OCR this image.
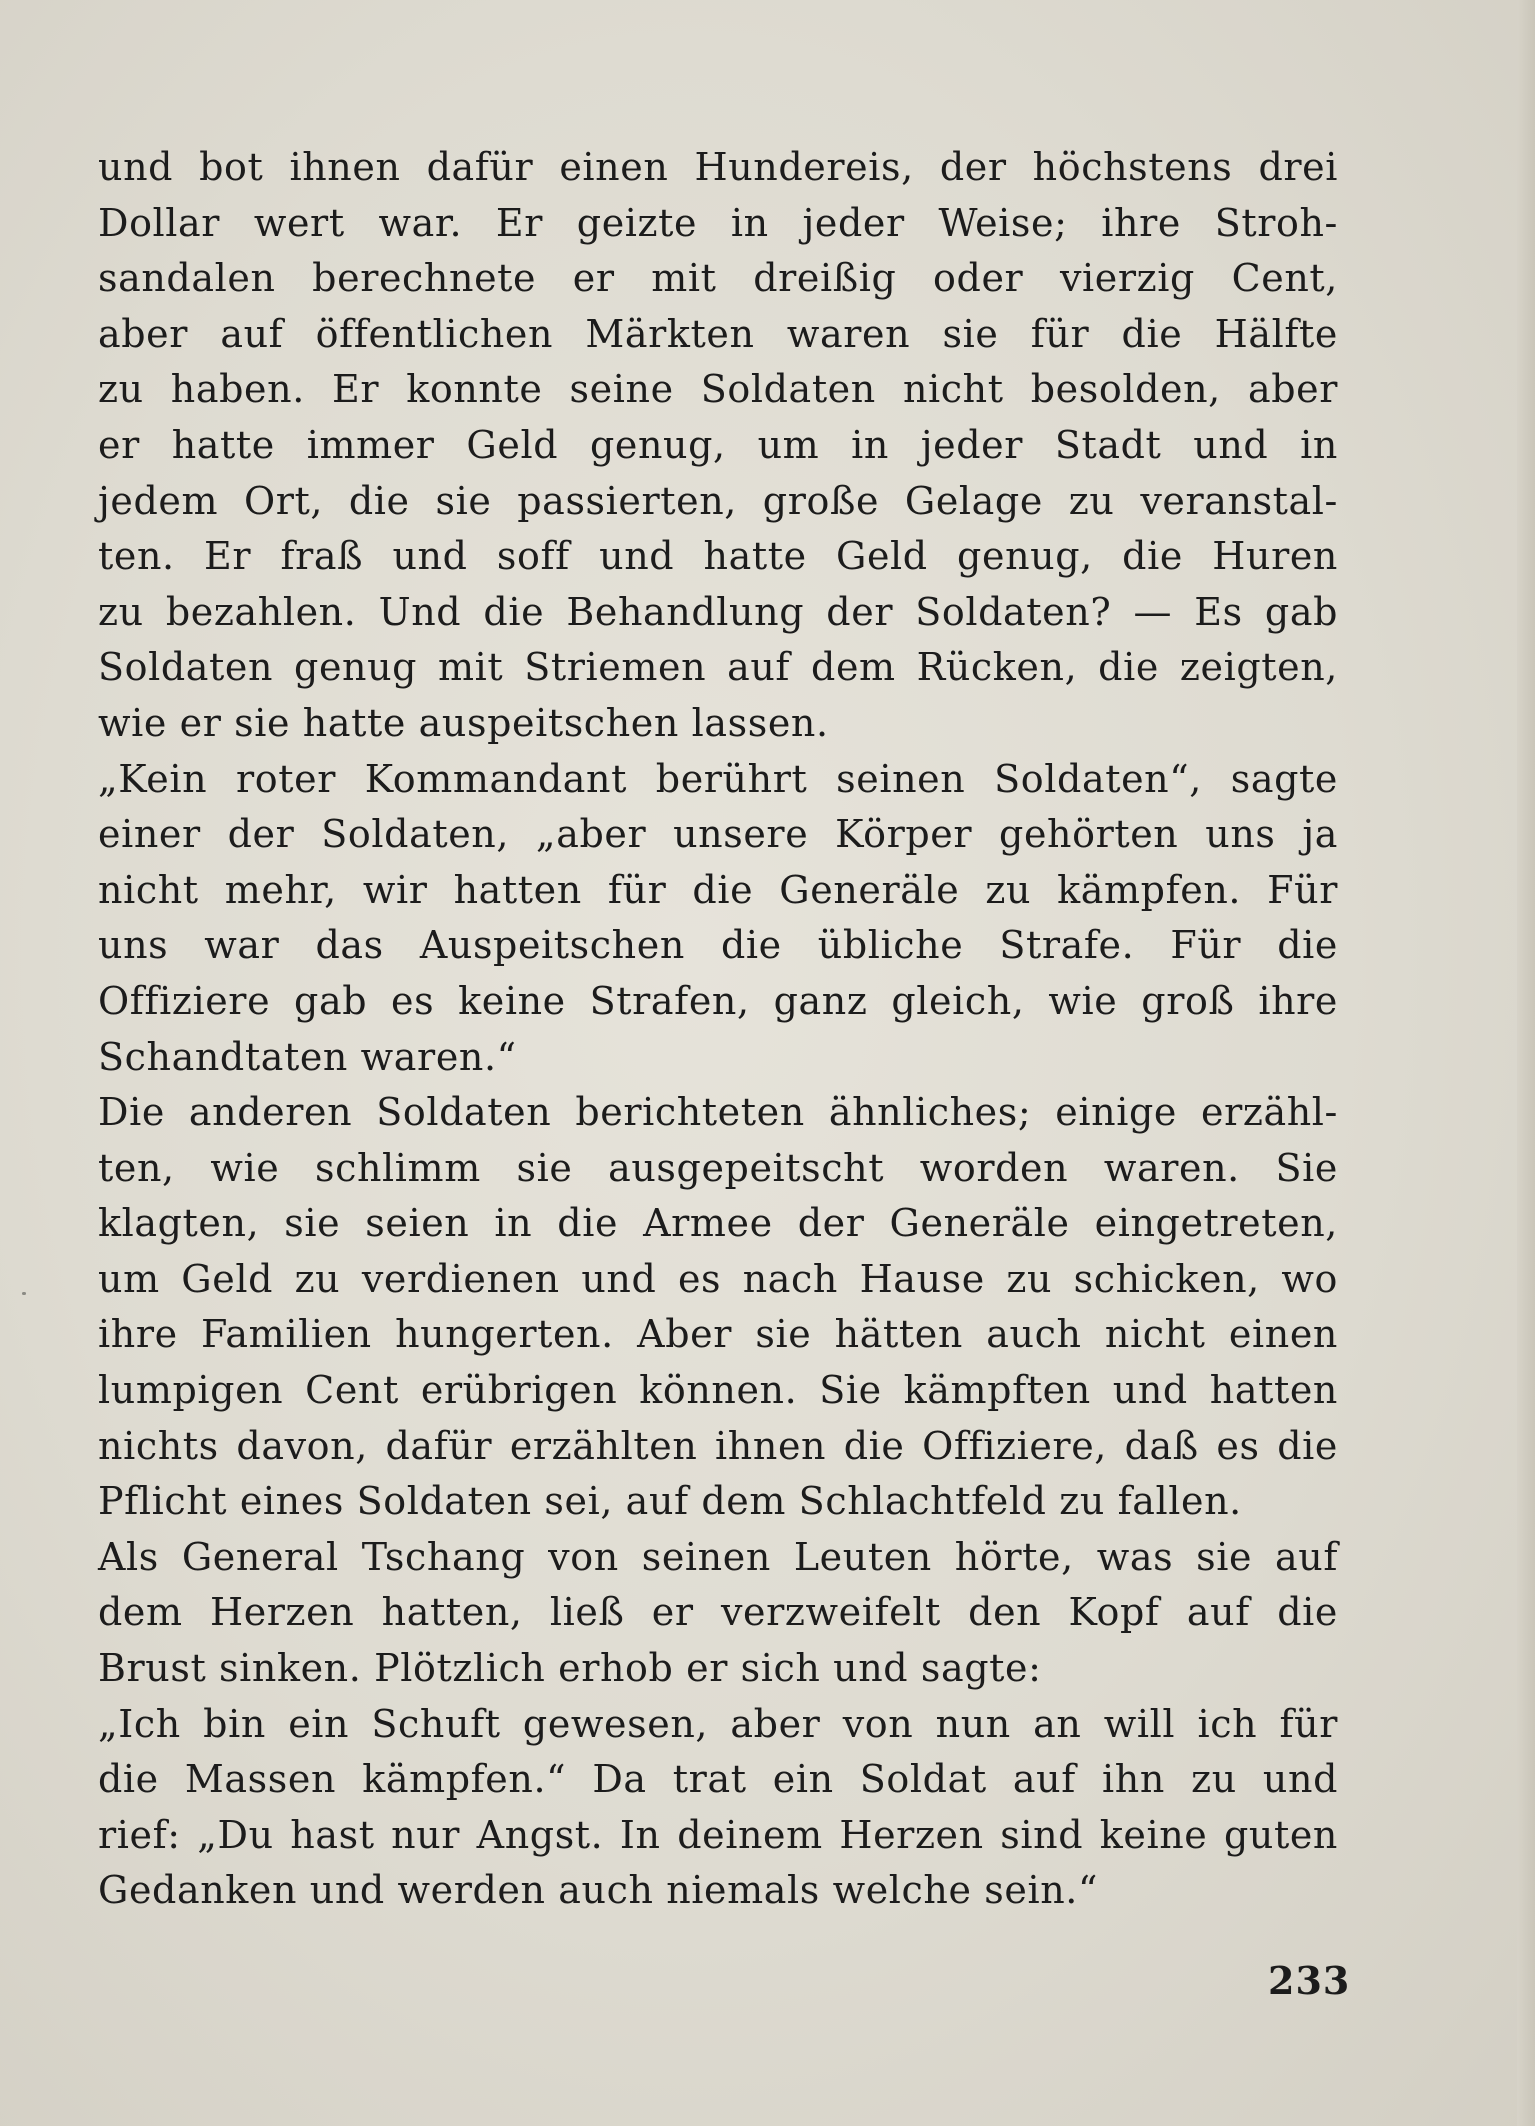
und bot ihnen dafür einen Hundereis, der höchstens drei
Dollar wert war. Er geizte in jeder Weise; ihre Stroh-
sandalen berechnete er mit dreißig oder vierzig Cent,
aber auf öffentlichen Märkten waren sie für die Hälfte
zu haben. Er konnte seine Soldaten nicht besolden, aber
er hatte immer Geld genug, um in jeder Stadt und in
jedem Ort, die sie passierten, große Gelage zu veranstal-
ten. Er fraß und soff und hatte Geld genug, die Huren
zu bezahlen. Und die Behandlung der Soldaten? — Es gab
Soldaten genug mit Striemen auf dem Rücken, die zeigten,
wie er sie hatte auspeitschen lassen.
„Kein roter Kommandant berührt seinen Soldaten“, sagte
einer der Soldaten, „aber unsere Körper gehörten uns ja
nicht mehr, wir hatten für die Generäle zu kämpfen. Für
uns war das Auspeitschen die übliche Strafe. Für die
Offiziere gab es keine Strafen, ganz gleich, wie groß ihre
Schandtaten waren.“
Die anderen Soldaten berichteten ähnliches; einige erzähl-
ten, wie schlimm sie ausgepeitscht worden waren. Sie
klagten, sie seien in die Armee der Generäle eingetreten,
um Geld zu verdienen und es nach Hause zu schicken, wo
ihre Familien hungerten. Aber sie hätten auch nicht einen
lumpigen Cent erübrigen können. Sie kämpften und hatten
nichts davon, dafür erzählten ihnen die Offiziere, daß es die
Pflicht eines Soldaten sei, auf dem Schlachtfeld zu fallen.
Als General Tschang von seinen Leuten hörte, was sie auf
dem Herzen hatten, ließ er verzweifelt den Kopf auf die
Brust sinken. Plötzlich erhob er sich und sagte:
„Ich bin ein Schuft gewesen, aber von nun an will ich für
die Massen kämpfen.“ Da trat ein Soldat auf ihn zu und
rief: „Du hast nur Angst. In deinem Herzen sind keine guten
Gedanken und werden auch niemals welche sein.“
233
